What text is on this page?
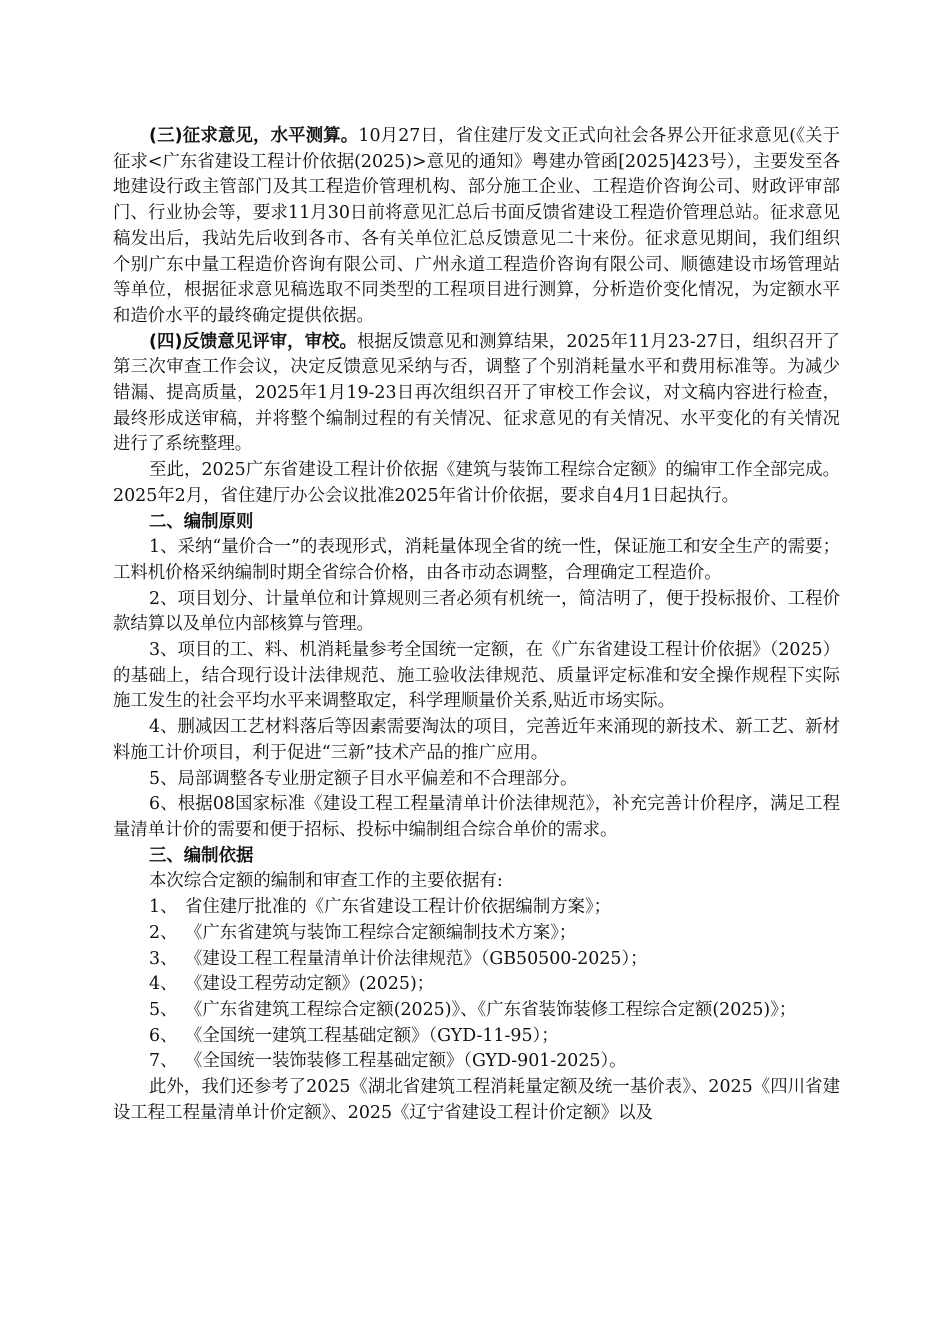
(三)征求意见，水平测算。10月27日，省住建厅发文正式向社会各界公开征求意见(《关于征求<广东省建设工程计价依据(2025)>意见的通知》粤建办管函[2025]423号），主要发至各地建设行政主管部门及其工程造价管理机构、部分施工企业、工程造价咨询公司、财政评审部门、行业协会等，要求11月30日前将意见汇总后书面反馈省建设工程造价管理总站。征求意见稿发出后，我站先后收到各市、各有关单位汇总反馈意见二十来份。征求意见期间，我们组织个别广东中量工程造价咨询有限公司、广州永道工程造价咨询有限公司、顺德建设市场管理站等单位，根据征求意见稿选取不同类型的工程项目进行测算，分析造价变化情况，为定额水平和造价水平的最终确定提供依据。

(四)反馈意见评审，审校。根据反馈意见和测算结果，2025年11月23-27日，组织召开了第三次审查工作会议，决定反馈意见采纳与否，调整了个别消耗量水平和费用标准等。为减少错漏、提高质量，2025年1月19-23日再次组织召开了审校工作会议，对文稿内容进行检查，最终形成送审稿，并将整个编制过程的有关情况、征求意见的有关情况、水平变化的有关情况进行了系统整理。

至此，2025广东省建设工程计价依据《建筑与装饰工程综合定额》的编审工作全部完成。2025年2月，省住建厅办公会议批准2025年省计价依据，要求自4月1日起执行。

二、编制原则

1、采纳“量价合一”的表现形式，消耗量体现全省的统一性，保证施工和安全生产的需要；工料机价格采纳编制时期全省综合价格，由各市动态调整，合理确定工程造价。

2、项目划分、计量单位和计算规则三者必须有机统一，简洁明了，便于投标报价、工程价款结算以及单位内部核算与管理。

3、项目的工、料、机消耗量参考全国统一定额，在《广东省建设工程计价依据》（2025）的基础上，结合现行设计法律规范、施工验收法律规范、质量评定标准和安全操作规程下实际施工发生的社会平均水平来调整取定，科学理顺量价关系,贴近市场实际。

4、删减因工艺材料落后等因素需要淘汰的项目，完善近年来涌现的新技术、新工艺、新材料施工计价项目，利于促进“三新”技术产品的推广应用。

5、局部调整各专业册定额子目水平偏差和不合理部分。

6、根据08国家标准《建设工程工程量清单计价法律规范》，补充完善计价程序，满足工程量清单计价的需要和便于招标、投标中编制组合综合单价的需求。

三、编制依据

本次综合定额的编制和审查工作的主要依据有:

1、 省住建厅批准的《广东省建设工程计价依据编制方案》；
2、 《广东省建筑与装饰工程综合定额编制技术方案》；
3、 《建设工程工程量清单计价法律规范》（GB50500-2025）；
4、 《建设工程劳动定额》(2025)；
5、 《广东省建筑工程综合定额(2025)》、《广东省装饰装修工程综合定额(2025)》；
6、 《全国统一建筑工程基础定额》（GYD-11-95）；
7、 《全国统一装饰装修工程基础定额》（GYD-901-2025）。

此外，我们还参考了2025《湖北省建筑工程消耗量定额及统一基价表》、2025《四川省建设工程工程量清单计价定额》、2025《辽宁省建设工程计价定额》以及
